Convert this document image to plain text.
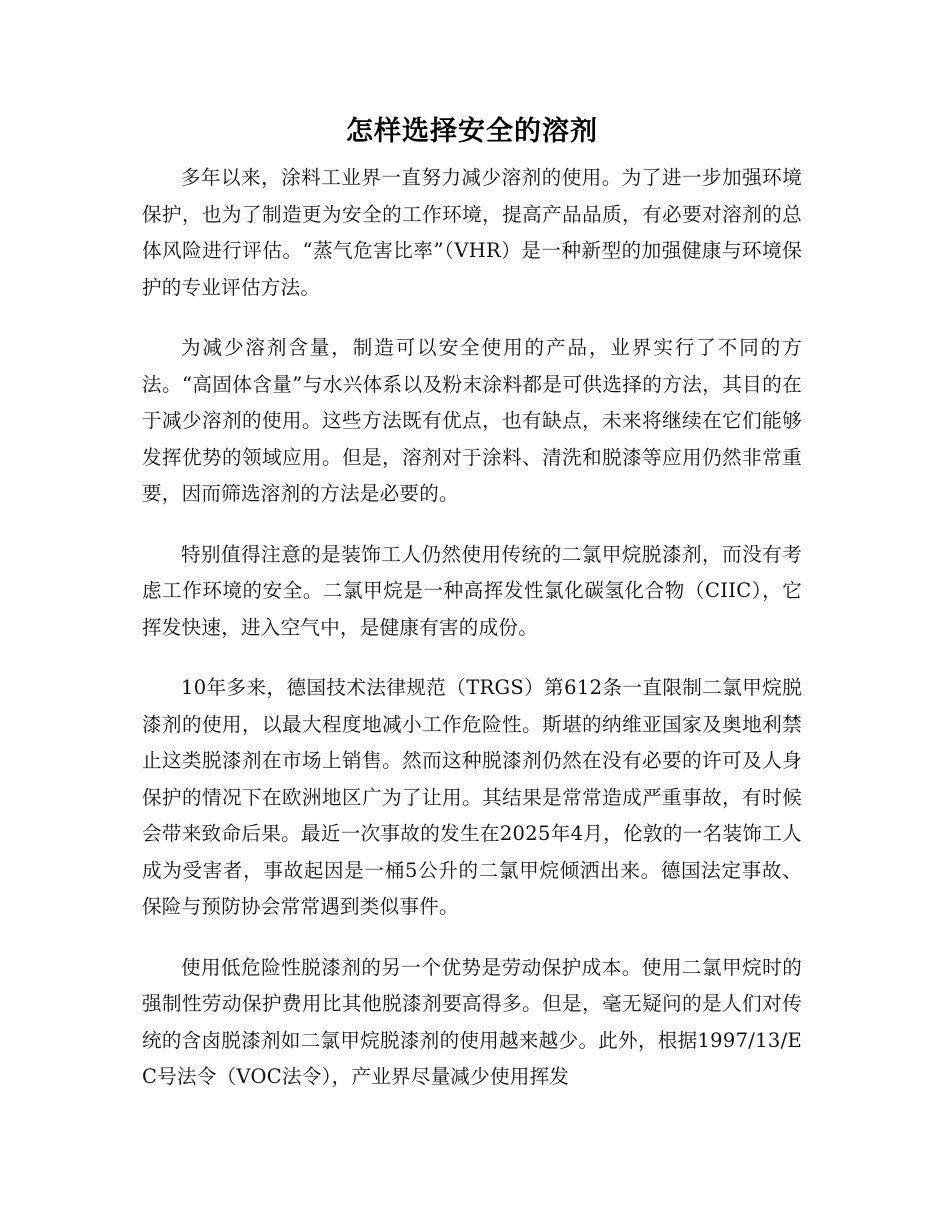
怎样选择安全的溶剂

多年以来，涂料工业界一直努力减少溶剂的使用。为了进一步加强环境保护，也为了制造更为安全的工作环境，提高产品品质，有必要对溶剂的总体风险进行评估。“蒸气危害比率”（VHR）是一种新型的加强健康与环境保护的专业评估方法。

为减少溶剂含量，制造可以安全使用的产品，业界实行了不同的方法。“高固体含量”与水兴体系以及粉末涂料都是可供选择的方法，其目的在于减少溶剂的使用。这些方法既有优点，也有缺点，未来将继续在它们能够发挥优势的领域应用。但是，溶剂对于涂料、清洗和脱漆等应用仍然非常重要，因而筛选溶剂的方法是必要的。

特别值得注意的是装饰工人仍然使用传统的二氯甲烷脱漆剂，而没有考虑工作环境的安全。二氯甲烷是一种高挥发性氯化碳氢化合物（CIIC），它挥发快速，进入空气中，是健康有害的成份。

10年多来，德国技术法律规范（TRGS）第612条一直限制二氯甲烷脱漆剂的使用，以最大程度地减小工作危险性。斯堪的纳维亚国家及奥地利禁止这类脱漆剂在市场上销售。然而这种脱漆剂仍然在没有必要的许可及人身保护的情况下在欧洲地区广为了让用。其结果是常常造成严重事故，有时候会带来致命后果。最近一次事故的发生在2025年4月，伦敦的一名装饰工人成为受害者，事故起因是一桶5公升的二氯甲烷倾洒出来。德国法定事故、保险与预防协会常常遇到类似事件。

使用低危险性脱漆剂的另一个优势是劳动保护成本。使用二氯甲烷时的强制性劳动保护费用比其他脱漆剂要高得多。但是，毫无疑问的是人们对传统的含卤脱漆剂如二氯甲烷脱漆剂的使用越来越少。此外，根据1997/13/EC号法令（VOC法令），产业界尽量减少使用挥发
